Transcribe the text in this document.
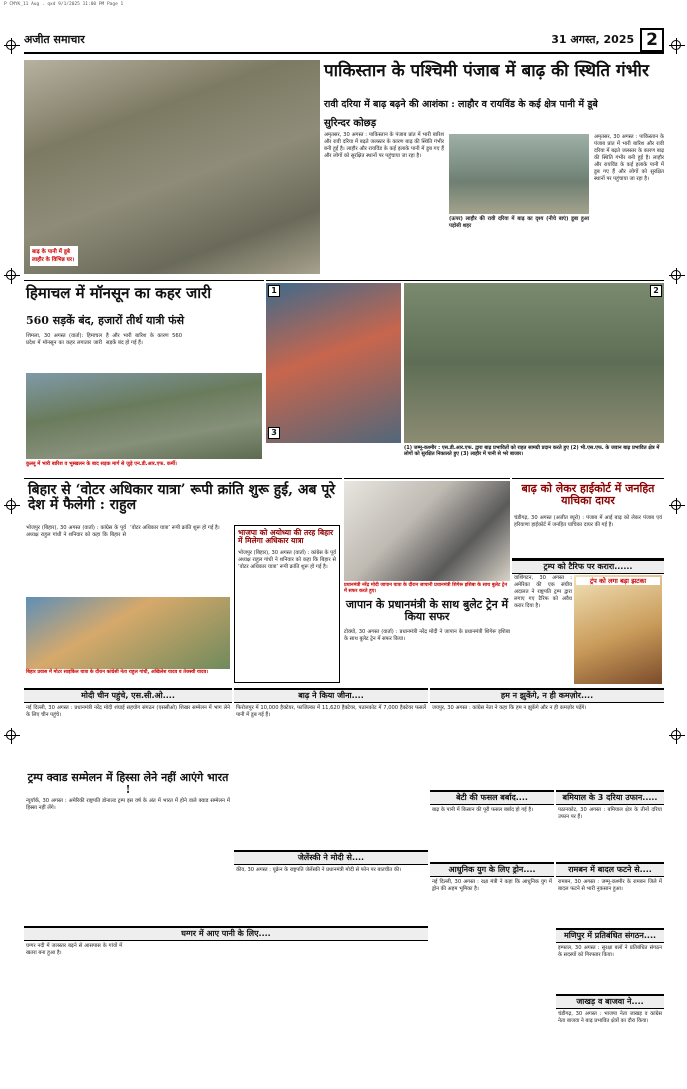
P CMYK_11 Aug . qxd 9/1/2025 11:00 PM Page 1
अजीत समाचार	31 अगस्त, 2025 2
बाढ़ के पानी में डूबे लाहौर के विभिन्न घर।
पाकिस्तान के पश्चिमी पंजाब में बाढ़ की स्थिति गंभीर
रावी दरिया में बाढ़ बढ़ने की आशंका : लाहौर व रायविंड के कई क्षेत्र पानी में डूबे
सुरिन्दर कोछड़

अमृतसर, 30 अगस्त : पाकिस्तान के पंजाब प्रांत में भारी बारिश और रावी दरिया में बढ़ते जलस्तर के कारण बाढ़ की स्थिति गंभीर बनी हुई है। लाहौर और रायविंड के कई इलाके पानी में डूब गए हैं और लोगों को सुरक्षित स्थानों पर पहुंचाया जा रहा है।

(ऊपर) लाहौर की रावी दरिया में बाढ़ का दृश्य (नीचे बाएं) डूबा हुआ पड़ोसी शहर

अमृतसर, 30 अगस्त : पाकिस्तान के पंजाब प्रांत में भारी बारिश और रावी दरिया में बढ़ते जलस्तर के कारण बाढ़ की स्थिति गंभीर बनी हुई है। लाहौर और रायविंड के कई इलाके पानी में डूब गए हैं और लोगों को सुरक्षित स्थानों पर पहुंचाया जा रहा है।

हिमाचल में मॉनसून का कहर जारी
560 सड़कें बंद, हजारों तीर्थ यात्री फंसे

शिमला, 30 अगस्त (वार्ता): हिमाचल प्रदेश में मॉनसून का कहर लगातार जारी है और भारी बारिश के कारण 560 सड़कें बंद हो गई हैं।

कुल्लू में भारी बारिश व भूस्खलन के बाद सड़क मार्ग से जुड़े एन.डी.आर.एफ. कर्मी।
1	2
3
(1) जम्मू-कश्मीर : एस.डी.आर.एफ. द्वारा बाढ़ प्रभावितों को राहत सामग्री प्रदान करते हुए (2) भी.एस.एफ. के जवान बाढ़ प्रभावित क्षेत्र में लोगों को सुरक्षित निकालते हुए (3) लाहौर में पानी से भरे बाजार।
बिहार से ‘वोटर अधिकार यात्रा’ रूपी क्रांति शुरू हुई, अब पूरे देश में फैलेगी : राहुल

भोजपुर (बिहार), 30 अगस्त (वार्ता) : कांग्रेस के पूर्व अध्यक्ष राहुल गांधी ने शनिवार को कहा कि बिहार से ‘वोटर अधिकार यात्रा’ रूपी क्रांति शुरू हो गई है।

बिहार प्रवास में मोटर साइकिल यात्रा के दौरान कांग्रेसी नेता राहुल गांधी, अखिलेश यादव व तेजस्वी यादव।
भाजपा को अयोध्या की तरह बिहार में मिलेगा अधिकार यात्रा

भोजपुर (बिहार), 30 अगस्त (वार्ता) : कांग्रेस के पूर्व अध्यक्ष राहुल गांधी ने शनिवार को कहा कि बिहार से ‘वोटर अधिकार यात्रा’ रूपी क्रांति शुरू हो गई है।

प्रधानमंत्री नरेंद्र मोदी जापान यात्रा के दौरान जापानी प्रधानमंत्री शिगेरू इशिबा के साथ बुलेट ट्रेन में सफर करते हुए।
जापान के प्रधानमंत्री के साथ बुलेट ट्रेन में किया सफर

टोक्यो, 30 अगस्त (वार्ता) : प्रधानमंत्री नरेंद्र मोदी ने जापान के प्रधानमंत्री शिगेरू इशिबा के साथ बुलेट ट्रेन में सफर किया।

बाढ़ को लेकर हाईकोर्ट में जनहित याचिका दायर

चंडीगढ़, 30 अगस्त (अजीत ब्यूरो) : पंजाब में आई बाढ़ को लेकर पंजाब एवं हरियाणा हाईकोर्ट में जनहित याचिका दायर की गई है।

ट्रम्प को टैरिफ पर करारा......
ट्रंप को लगा बड़ा झटका

वाशिंगटन, 30 अगस्त : अमेरिका की एक संघीय अदालत ने राष्ट्रपति ट्रम्प द्वारा लगाए गए टैरिफ को अवैध करार दिया है।

मोदी चीन पहुंचे, एस.सी.ओ....

नई दिल्ली, 30 अगस्त : प्रधानमंत्री नरेंद्र मोदी शंघाई सहयोग संगठन (एससीओ) शिखर सम्मेलन में भाग लेने के लिए चीन पहुंचे।

ट्रम्प क्वाड सम्मेलन में हिस्सा लेने नहीं आएंगे भारत !

न्यूयॉर्क, 30 अगस्त : अमेरिकी राष्ट्रपति डोनाल्ड ट्रम्प इस वर्ष के अंत में भारत में होने वाले क्वाड सम्मेलन में हिस्सा नहीं लेंगे।

बाढ़ ने किया जीना....

फिरोजपुर में 10,000 हैक्टेयर, फाजिल्का में 11,620 हैक्टेयर, पठानकोट में 7,000 हैक्टेयर फसलें पानी में डूब गई हैं।

हम न झुकेंगे, न ही कमज़ोर....

जयपुर, 30 अगस्त : कांग्रेस नेता ने कहा कि हम न झुकेंगे और न ही कमज़ोर पड़ेंगे।

बेटी की फसल बर्बाद....

बाढ़ के पानी में किसान की पूरी फसल बर्बाद हो गई है।

बमियाल के 3 दरिया उफान.....

पठानकोट, 30 अगस्त : बमियाल क्षेत्र के तीनों दरिया उफान पर हैं।

जेलेंस्की ने मोदी से....

कीव, 30 अगस्त : यूक्रेन के राष्ट्रपति जेलेंस्की ने प्रधानमंत्री मोदी से फोन पर बातचीत की।	आधुनिक युग के लिए ड्रोन....

नई दिल्ली, 30 अगस्त : रक्षा मंत्री ने कहा कि आधुनिक युग में ड्रोन की अहम भूमिका है।

रामबन में बादल फटने से....

रामबन, 30 अगस्त : जम्मू-कश्मीर के रामबन जिले में बादल फटने से भारी नुकसान हुआ।

मणिपुर में प्रतिबंधित संगठन....

इम्फाल, 30 अगस्त : सुरक्षा बलों ने प्रतिबंधित संगठन के सदस्यों को गिरफ्तार किया।

घग्गर में आए पानी के लिए....

घग्गर नदी में जलस्तर बढ़ने से आसपास के गांवों में खतरा बना हुआ है।

जाखड़ व बाजवा ने....

चंडीगढ़, 30 अगस्त : भाजपा नेता जाखड़ व कांग्रेस नेता बाजवा ने बाढ़ प्रभावित क्षेत्रों का दौरा किया।
